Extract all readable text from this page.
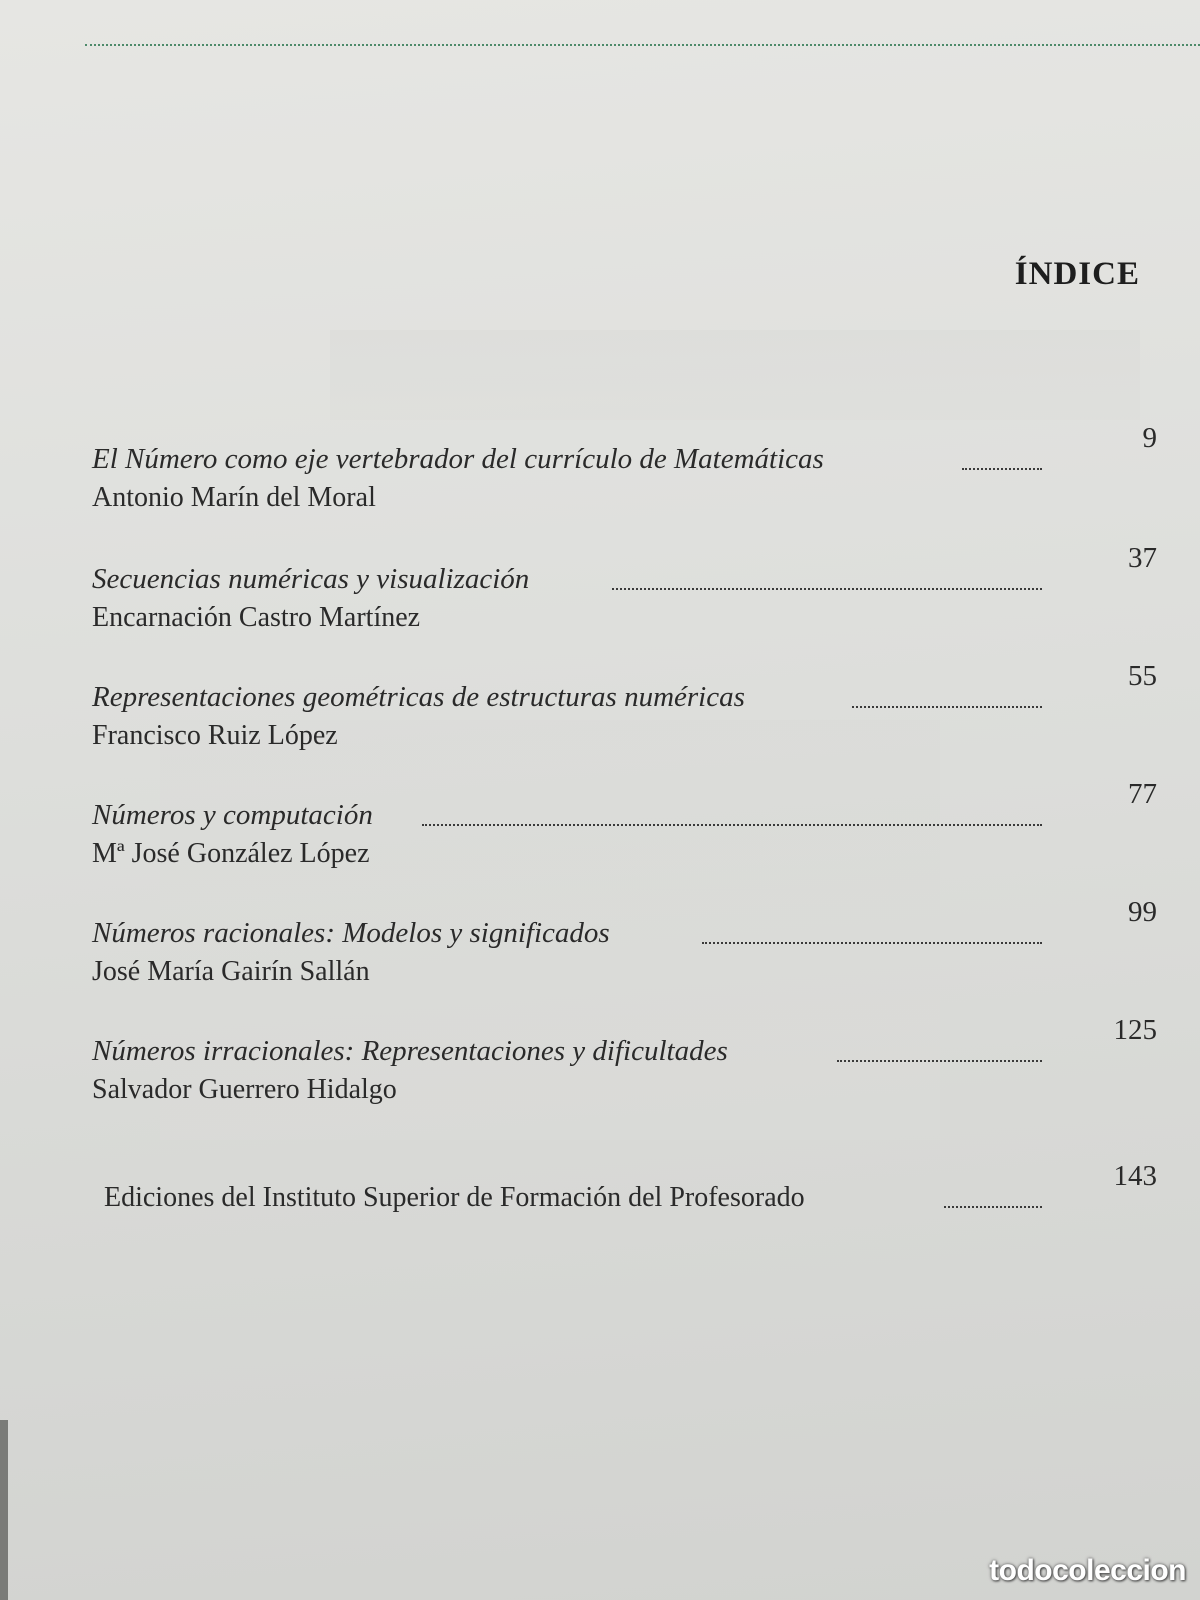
ÍNDICE
El Número como eje vertebrador del currículo de Matemáticas
9
Antonio Marín del Moral
Secuencias numéricas y visualización
37
Encarnación Castro Martínez
Representaciones geométricas de estructuras numéricas
55
Francisco Ruiz López
Números y computación
77
Mª José González López
Números racionales: Modelos y significados
99
José María Gairín Sallán
Números irracionales: Representaciones y dificultades
125
Salvador Guerrero Hidalgo
Ediciones del Instituto Superior de Formación del Profesorado
143
todocoleccion
